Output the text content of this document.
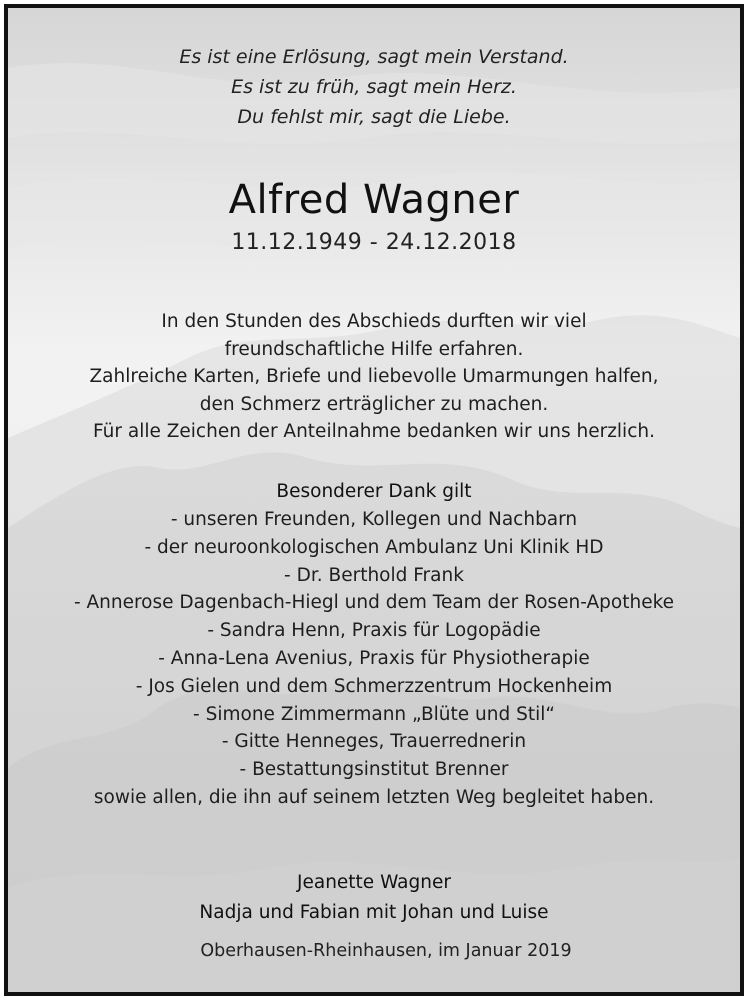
Es ist eine Erlösung, sagt mein Verstand.
Es ist zu früh, sagt mein Herz.
Du fehlst mir, sagt die Liebe.
Alfred Wagner
11.12.1949 - 24.12.2018
In den Stunden des Abschieds durften wir viel
freundschaftliche Hilfe erfahren.
Zahlreiche Karten, Briefe und liebevolle Umarmungen halfen,
den Schmerz erträglicher zu machen.
Für alle Zeichen der Anteilnahme bedanken wir uns herzlich.
Besonderer Dank gilt
- unseren Freunden, Kollegen und Nachbarn
- der neuroonkologischen Ambulanz Uni Klinik HD
- Dr. Berthold Frank
- Annerose Dagenbach-Hiegl und dem Team der Rosen-Apotheke
- Sandra Henn, Praxis für Logopädie
- Anna-Lena Avenius, Praxis für Physiotherapie
- Jos Gielen und dem Schmerzzentrum Hockenheim
- Simone Zimmermann „Blüte und Stil“
- Gitte Henneges, Trauerrednerin
- Bestattungsinstitut Brenner
sowie allen, die ihn auf seinem letzten Weg begleitet haben.
Jeanette Wagner
Nadja und Fabian mit Johan und Luise
Oberhausen-Rheinhausen, im Januar 2019
